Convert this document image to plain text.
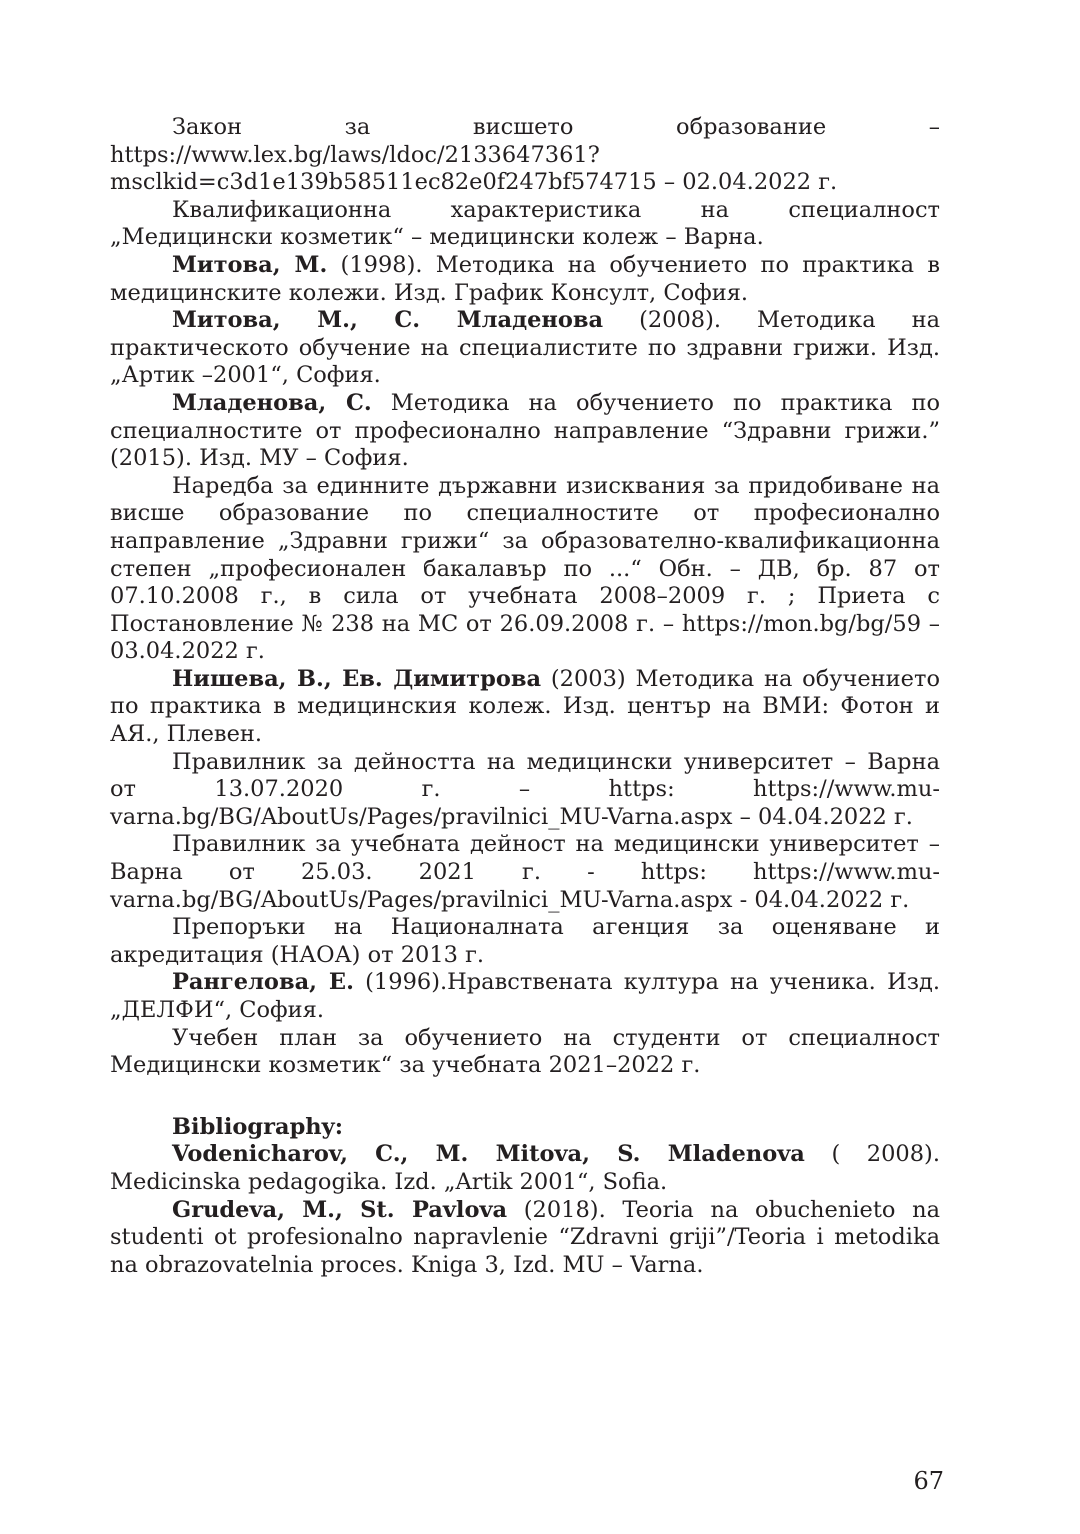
Закон за висшето образование – https://www.lex.bg/laws/ldoc/2133647361?msclkid=c3d1e139b58511ec82e0f247bf574715 – 02.04.2022 г.

Квалификационна характеристика на специалност „Медицински козметик“ – медицински колеж – Варна.

Митова, М. (1998). Методика на обучението по практика в медицинските колежи. Изд. График Консулт, София.

Митова, М., С. Младенова (2008). Методика на практическото обучение на специалистите по здравни грижи. Изд. „Артик –2001“, София.

Младенова, С. Методика на обучението по практика по специалностите от професионално направление “Здравни грижи.” (2015). Изд. МУ – София.

Наредба за единните държавни изисквания за придобиване на висше образование по специалностите от професионално направление „Здравни грижи“ за образователно-квалификационна степен „професионален бакалавър по ...“ Обн. – ДВ, бр. 87 от 07.10.2008 г., в сила от учебната 2008–2009 г. ; Приета с Постановление № 238 на МС от 26.09.2008 г. – https://mon.bg/bg/59 – 03.04.2022 г.

Нишева, В., Ев. Димитрова (2003) Методика на обучението по практика в медицинския колеж. Изд. център на ВМИ: Фотон и АЯ., Плевен.

Правилник за дейността на медицински университет – Варна от 13.07.2020 г. – https: https://www.mu-varna.bg/BG/AboutUs/Pages/pravilnici_MU-Varna.aspx – 04.04.2022 г.

Правилник за учебната дейност на медицински университет – Варна от 25.03. 2021 г. - https: https://www.mu-varna.bg/BG/AboutUs/Pages/pravilnici_MU-Varna.aspx - 04.04.2022 г.

Препоръки на Националната агенция за оценяване и акредитация (НАОА) от 2013 г.

Рангелова, Е. (1996).Нравствената култура на ученика. Изд. „ДЕЛФИ“, София.

Учебен план за обучението на студенти от специалност Медицински козметик“ за учебната 2021–2022 г.

Bibliography:

Vodenicharov, C., M. Mitova, S. Mladenova ( 2008). Medicinska pedagogika. Izd. „Artik 2001“, Sofia.

Grudeva, M., St. Pavlova (2018). Teoria na obuchenieto na studenti ot profesionalno napravlenie “Zdravni griji”/Teoria i metodika na obrazovatelnia proces. Kniga 3, Izd. MU – Varna.

67
